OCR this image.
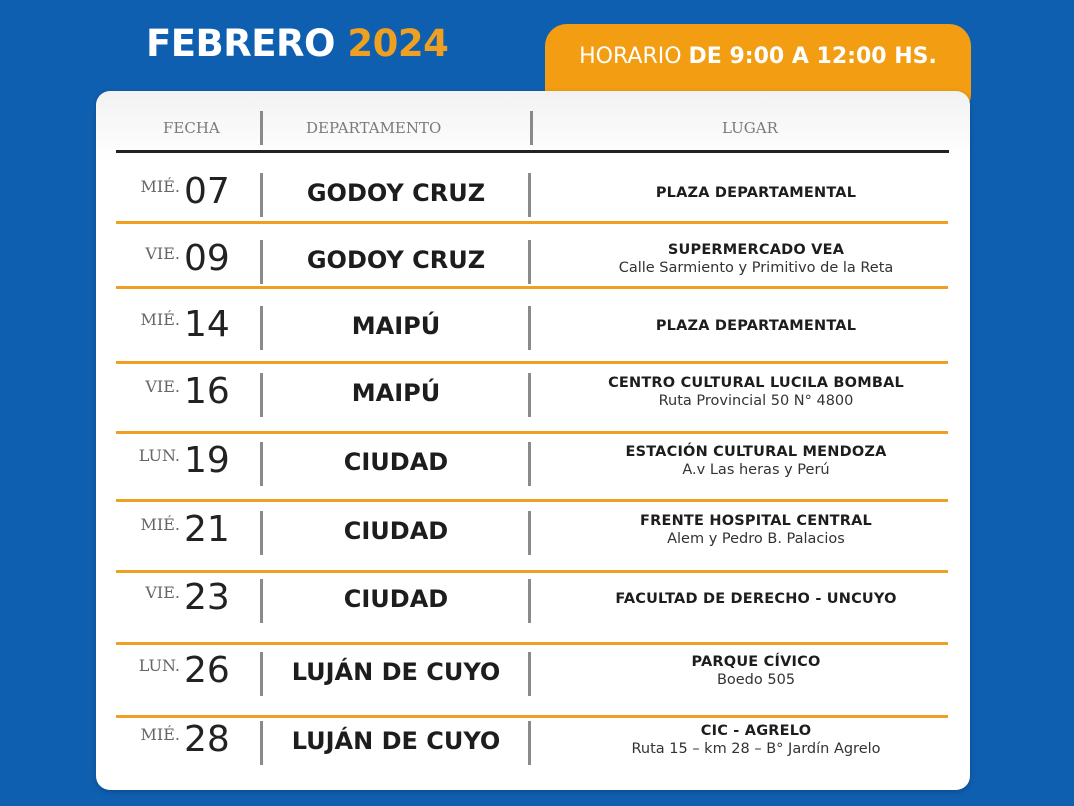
FEBRERO 2024	HORARIO DE 9:00 A 12:00 HS.
FECHA	DEPARTAMENTO	LUGAR
MIÉ. 07	GODOY CRUZ	PLAZA DEPARTAMENTAL
VIE. 09	GODOY CRUZ	SUPERMERCADO VEA
Calle Sarmiento y Primitivo de la Reta
MIÉ. 14	MAIPÚ	PLAZA DEPARTAMENTAL
VIE. 16	MAIPÚ	CENTRO CULTURAL LUCILA BOMBAL
Ruta Provincial 50 N° 4800
LUN. 19	CIUDAD	ESTACIÓN CULTURAL MENDOZA
A.v Las heras y Perú
MIÉ. 21	CIUDAD	FRENTE HOSPITAL CENTRAL
Alem y Pedro B. Palacios
VIE. 23	CIUDAD	FACULTAD DE DERECHO - UNCUYO
LUN. 26	LUJÁN DE CUYO	PARQUE CÍVICO
Boedo 505
MIÉ. 28	LUJÁN DE CUYO	CIC - AGRELO
Ruta 15 – km 28 – B° Jardín Agrelo
